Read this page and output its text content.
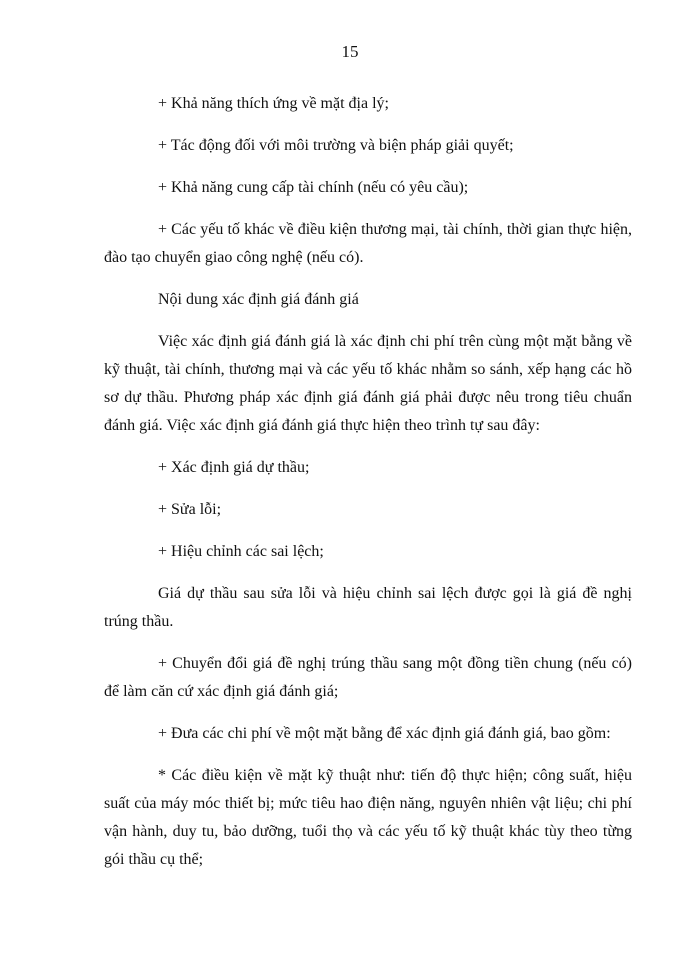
15

+ Khả năng thích ứng về mặt địa lý;

+ Tác động đối với môi trường và biện pháp giải quyết;

+ Khả năng cung cấp tài chính (nếu có yêu cầu);

+ Các yếu tố khác về điều kiện thương mại, tài chính, thời gian thực hiện, đào tạo chuyển giao công nghệ (nếu có).

Nội dung xác định giá đánh giá

Việc xác định giá đánh giá là xác định chi phí trên cùng một mặt bằng về kỹ thuật, tài chính, thương mại và các yếu tố khác nhằm so sánh, xếp hạng các hồ sơ dự thầu. Phương pháp xác định giá đánh giá phải được nêu trong tiêu chuẩn đánh giá. Việc xác định giá đánh giá thực hiện theo trình tự sau đây:

+ Xác định giá dự thầu;

+ Sửa lỗi;

+ Hiệu chỉnh các sai lệch;

Giá dự thầu sau sửa lỗi và hiệu chỉnh sai lệch được gọi là giá đề nghị trúng thầu.

+ Chuyển đổi giá đề nghị trúng thầu sang một đồng tiền chung (nếu có) để làm căn cứ xác định giá đánh giá;

+ Đưa các chi phí về một mặt bằng để xác định giá đánh giá, bao gồm:

* Các điều kiện về mặt kỹ thuật như: tiến độ thực hiện; công suất, hiệu suất của máy móc thiết bị; mức tiêu hao điện năng, nguyên nhiên vật liệu; chi phí vận hành, duy tu, bảo dưỡng, tuổi thọ và các yếu tố kỹ thuật khác tùy theo từng gói thầu cụ thể;
